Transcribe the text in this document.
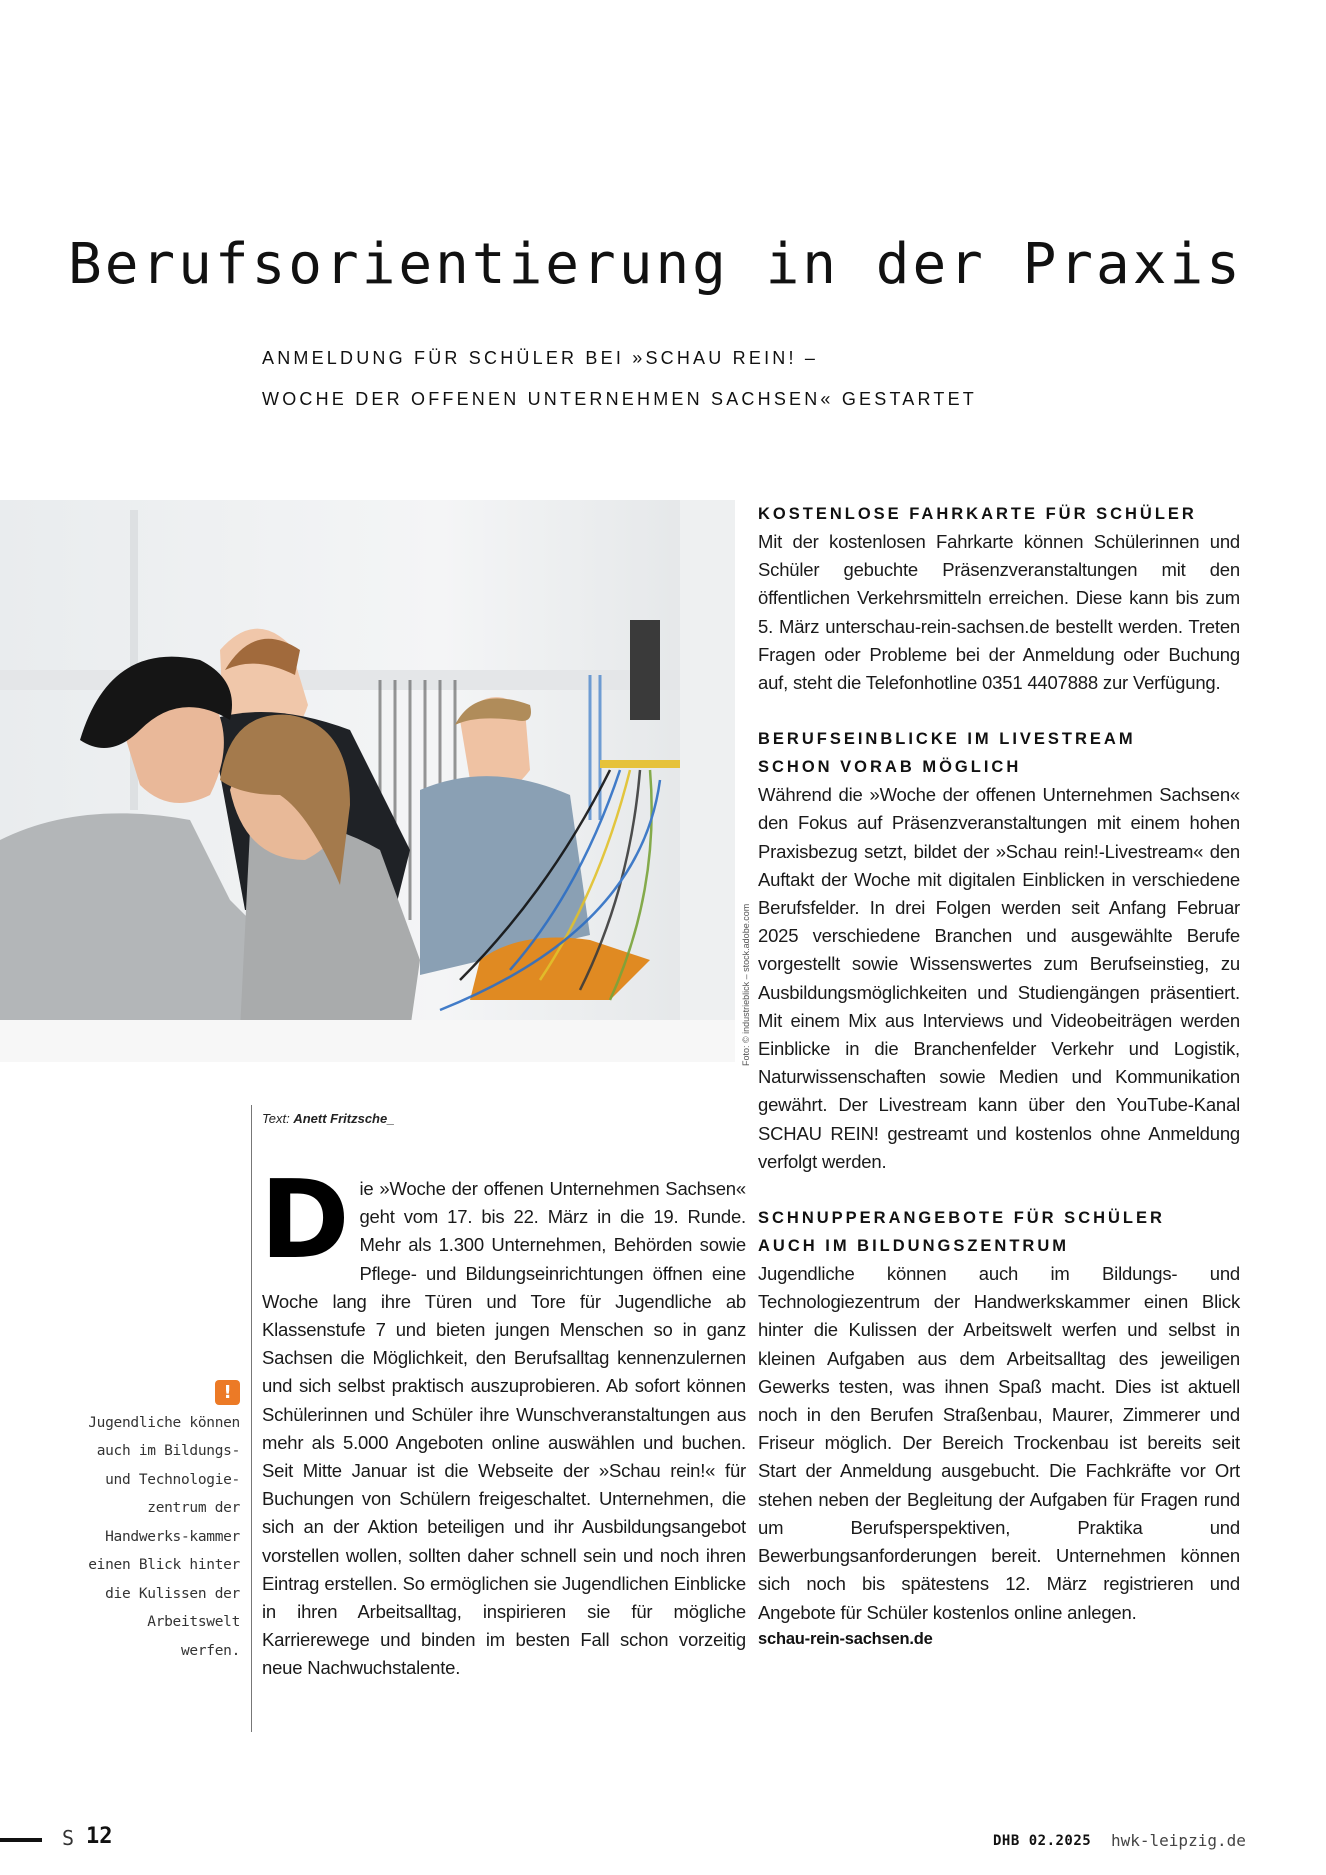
Berufsorientierung in der Praxis
ANMELDUNG FÜR SCHÜLER BEI »SCHAU REIN! –
WOCHE DER OFFENEN UNTERNEHMEN SACHSEN« GESTARTET
Foto: © industrieblick – stock.adobe.com
Text: Anett Fritzsche_
D ie »Woche der offenen Unternehmen Sachsen« geht vom 17. bis 22. März in die 19. Runde. Mehr als 1.300 Unternehmen, Behörden sowie Pflege- und Bildungseinrichtungen öffnen eine Woche lang ihre Türen und Tore für Jugendliche ab Klassenstufe 7 und bieten jungen Menschen so in ganz Sachsen die Möglichkeit, den Berufsalltag kennenzulernen und sich selbst praktisch auszuprobieren. Ab sofort können Schülerinnen und Schüler ihre Wunschveranstaltungen aus mehr als 5.000 Angeboten online auswählen und buchen. Seit Mitte Januar ist die Webseite der »Schau rein!« für Buchungen von Schülern freigeschaltet. Unternehmen, die sich an der Aktion beteiligen und ihr Ausbildungsangebot vorstellen wollen, sollten daher schnell sein und noch ihren Eintrag erstellen. So ermöglichen sie Jugendlichen Einblicke in ihren Arbeitsalltag, inspirieren sie für mögliche Karrierewege und binden im besten Fall schon vorzeitig neue Nachwuchstalente.
!
Jugendliche können auch im Bildungs- und Technologie-zentrum der Handwerks-kammer einen Blick hinter die Kulissen der Arbeitswelt werfen.
KOSTENLOSE FAHRKARTE FÜR SCHÜLER

Mit der kostenlosen Fahrkarte können Schülerinnen und Schüler gebuchte Präsenzveranstaltungen mit den öffentlichen Verkehrsmitteln erreichen. Diese kann bis zum 5. März unterschau-rein-sachsen.de bestellt werden. Treten Fragen oder Probleme bei der Anmeldung oder Buchung auf, steht die Telefonhotline 0351 4407888 zur Verfügung.

BERUFSEINBLICKE IM LIVESTREAM
SCHON VORAB MÖGLICH

Während die »Woche der offenen Unternehmen Sachsen« den Fokus auf Präsenzveranstaltungen mit einem hohen Praxisbezug setzt, bildet der »Schau rein!-Livestream« den Auftakt der Woche mit digitalen Einblicken in verschiedene Berufsfelder. In drei Folgen werden seit Anfang Februar 2025 verschiedene Branchen und ausgewählte Berufe vorgestellt sowie Wissenswertes zum Berufseinstieg, zu Ausbildungsmöglichkeiten und Studiengängen präsentiert. Mit einem Mix aus Interviews und Videobeiträgen werden Einblicke in die Branchenfelder Verkehr und Logistik, Naturwissenschaften sowie Medien und Kommunikation gewährt. Der Livestream kann über den YouTube-Kanal SCHAU REIN! gestreamt und kostenlos ohne Anmeldung verfolgt werden.

SCHNUPPERANGEBOTE FÜR SCHÜLER
AUCH IM BILDUNGSZENTRUM

Jugendliche können auch im Bildungs- und Technologiezentrum der Handwerkskammer einen Blick hinter die Kulissen der Arbeitswelt werfen und selbst in kleinen Aufgaben aus dem Arbeitsalltag des jeweiligen Gewerks testen, was ihnen Spaß macht. Dies ist aktuell noch in den Berufen Straßenbau, Maurer, Zimmerer und Friseur möglich. Der Bereich Trockenbau ist bereits seit Start der Anmeldung ausgebucht. Die Fachkräfte vor Ort stehen neben der Begleitung der Aufgaben für Fragen rund um Berufsperspektiven, Praktika und Bewerbungsanforderungen bereit. Unternehmen können sich noch bis spätestens 12. März registrieren und Angebote für Schüler kostenlos online anlegen.

schau-rein-sachsen.de
S 12	DHB 02.2025 hwk-leipzig.de
